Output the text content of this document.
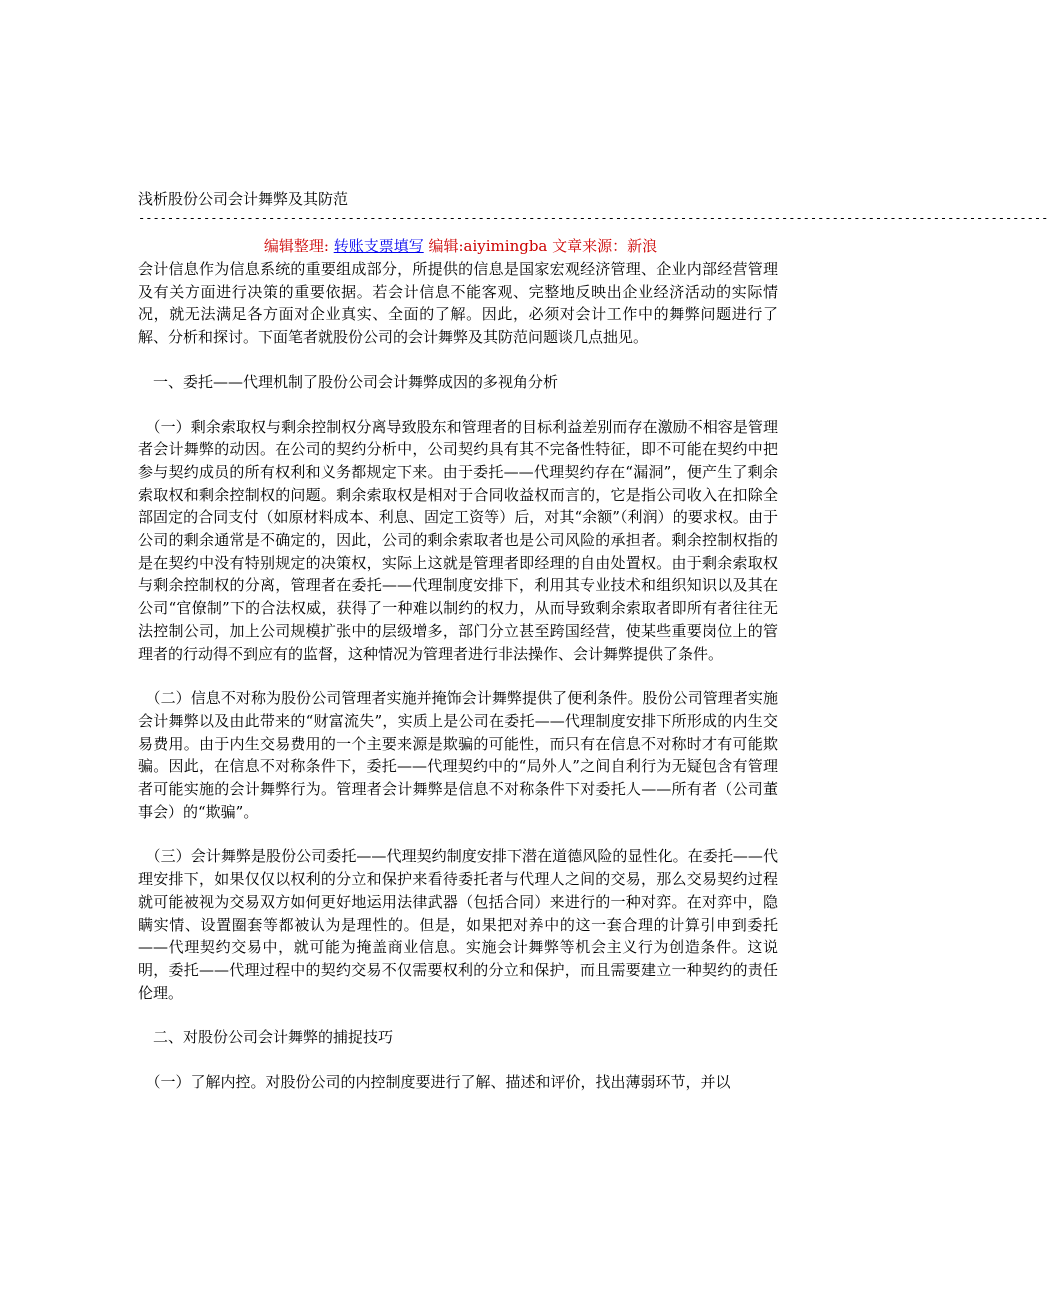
浅析股份公司会计舞弊及其防范
------------------------------------------------------------------------------------------------------------------------------
编辑整理: 转账支票填写 编辑:aiyimingba 文章来源：新浪

会计信息作为信息系统的重要组成部分，所提供的信息是国家宏观经济管理、企业内部经营管理及有关方面进行决策的重要依据。若会计信息不能客观、完整地反映出企业经济活动的实际情况，就无法满足各方面对企业真实、全面的了解。因此，必须对会计工作中的舞弊问题进行了解、分析和探讨。下面笔者就股份公司的会计舞弊及其防范问题谈几点拙见。

　一、委托——代理机制了股份公司会计舞弊成因的多视角分析

　（一）剩余索取权与剩余控制权分离导致股东和管理者的目标利益差别而存在激励不相容是管理者会计舞弊的动因。在公司的契约分析中，公司契约具有其不完备性特征，即不可能在契约中把参与契约成员的所有权利和义务都规定下来。由于委托——代理契约存在“漏洞”，便产生了剩余索取权和剩余控制权的问题。剩余索取权是相对于合同收益权而言的，它是指公司收入在扣除全部固定的合同支付（如原材料成本、利息、固定工资等）后，对其“余额”（利润）的要求权。由于公司的剩余通常是不确定的，因此，公司的剩余索取者也是公司风险的承担者。剩余控制权指的是在契约中没有特别规定的决策权，实际上这就是管理者即经理的自由处置权。由于剩余索取权与剩余控制权的分离，管理者在委托——代理制度安排下，利用其专业技术和组织知识以及其在公司“官僚制”下的合法权威，获得了一种难以制约的权力，从而导致剩余索取者即所有者往往无法控制公司，加上公司规模扩张中的层级增多，部门分立甚至跨国经营，使某些重要岗位上的管理者的行动得不到应有的监督，这种情况为管理者进行非法操作、会计舞弊提供了条件。

　（二）信息不对称为股份公司管理者实施并掩饰会计舞弊提供了便利条件。股份公司管理者实施会计舞弊以及由此带来的“财富流失”，实质上是公司在委托——代理制度安排下所形成的内生交易费用。由于内生交易费用的一个主要来源是欺骗的可能性，而只有在信息不对称时才有可能欺骗。因此，在信息不对称条件下，委托——代理契约中的“局外人”之间自利行为无疑包含有管理者可能实施的会计舞弊行为。管理者会计舞弊是信息不对称条件下对委托人——所有者（公司董事会）的“欺骗”。

　（三）会计舞弊是股份公司委托——代理契约制度安排下潜在道德风险的显性化。在委托——代理安排下，如果仅仅以权利的分立和保护来看待委托者与代理人之间的交易，那么交易契约过程就可能被视为交易双方如何更好地运用法律武器（包括合同）来进行的一种对弈。在对弈中，隐瞒实情、设置圈套等都被认为是理性的。但是，如果把对养中的这一套合理的计算引申到委托——代理契约交易中，就可能为掩盖商业信息。实施会计舞弊等机会主义行为创造条件。这说明，委托——代理过程中的契约交易不仅需要权利的分立和保护，而且需要建立一种契约的责任伦理。

　二、对股份公司会计舞弊的捕捉技巧

　（一）了解内控。对股份公司的内控制度要进行了解、描述和评价，找出薄弱环节，并以
